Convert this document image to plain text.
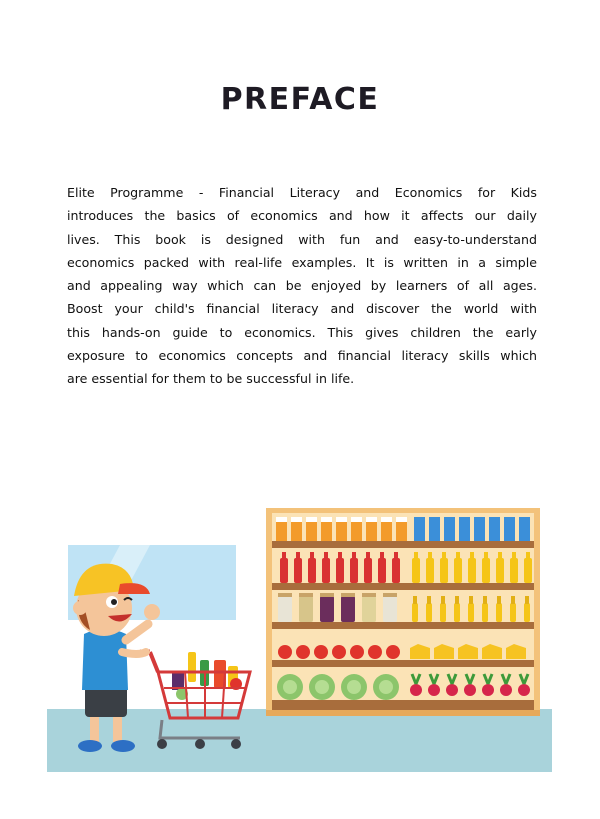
PREFACE
Elite Programme - Financial Literacy and Economics for Kids
introduces the basics of economics and how it affects our daily
lives. This book is designed with fun and easy-to-understand
economics packed with real-life examples. It is written in a simple
and appealing way which can be enjoyed by learners of all ages.
Boost your child's financial literacy and discover the world with
this hands-on guide to economics. This gives children the early
exposure to economics concepts and financial literacy skills which
are essential for them to be successful in life.
